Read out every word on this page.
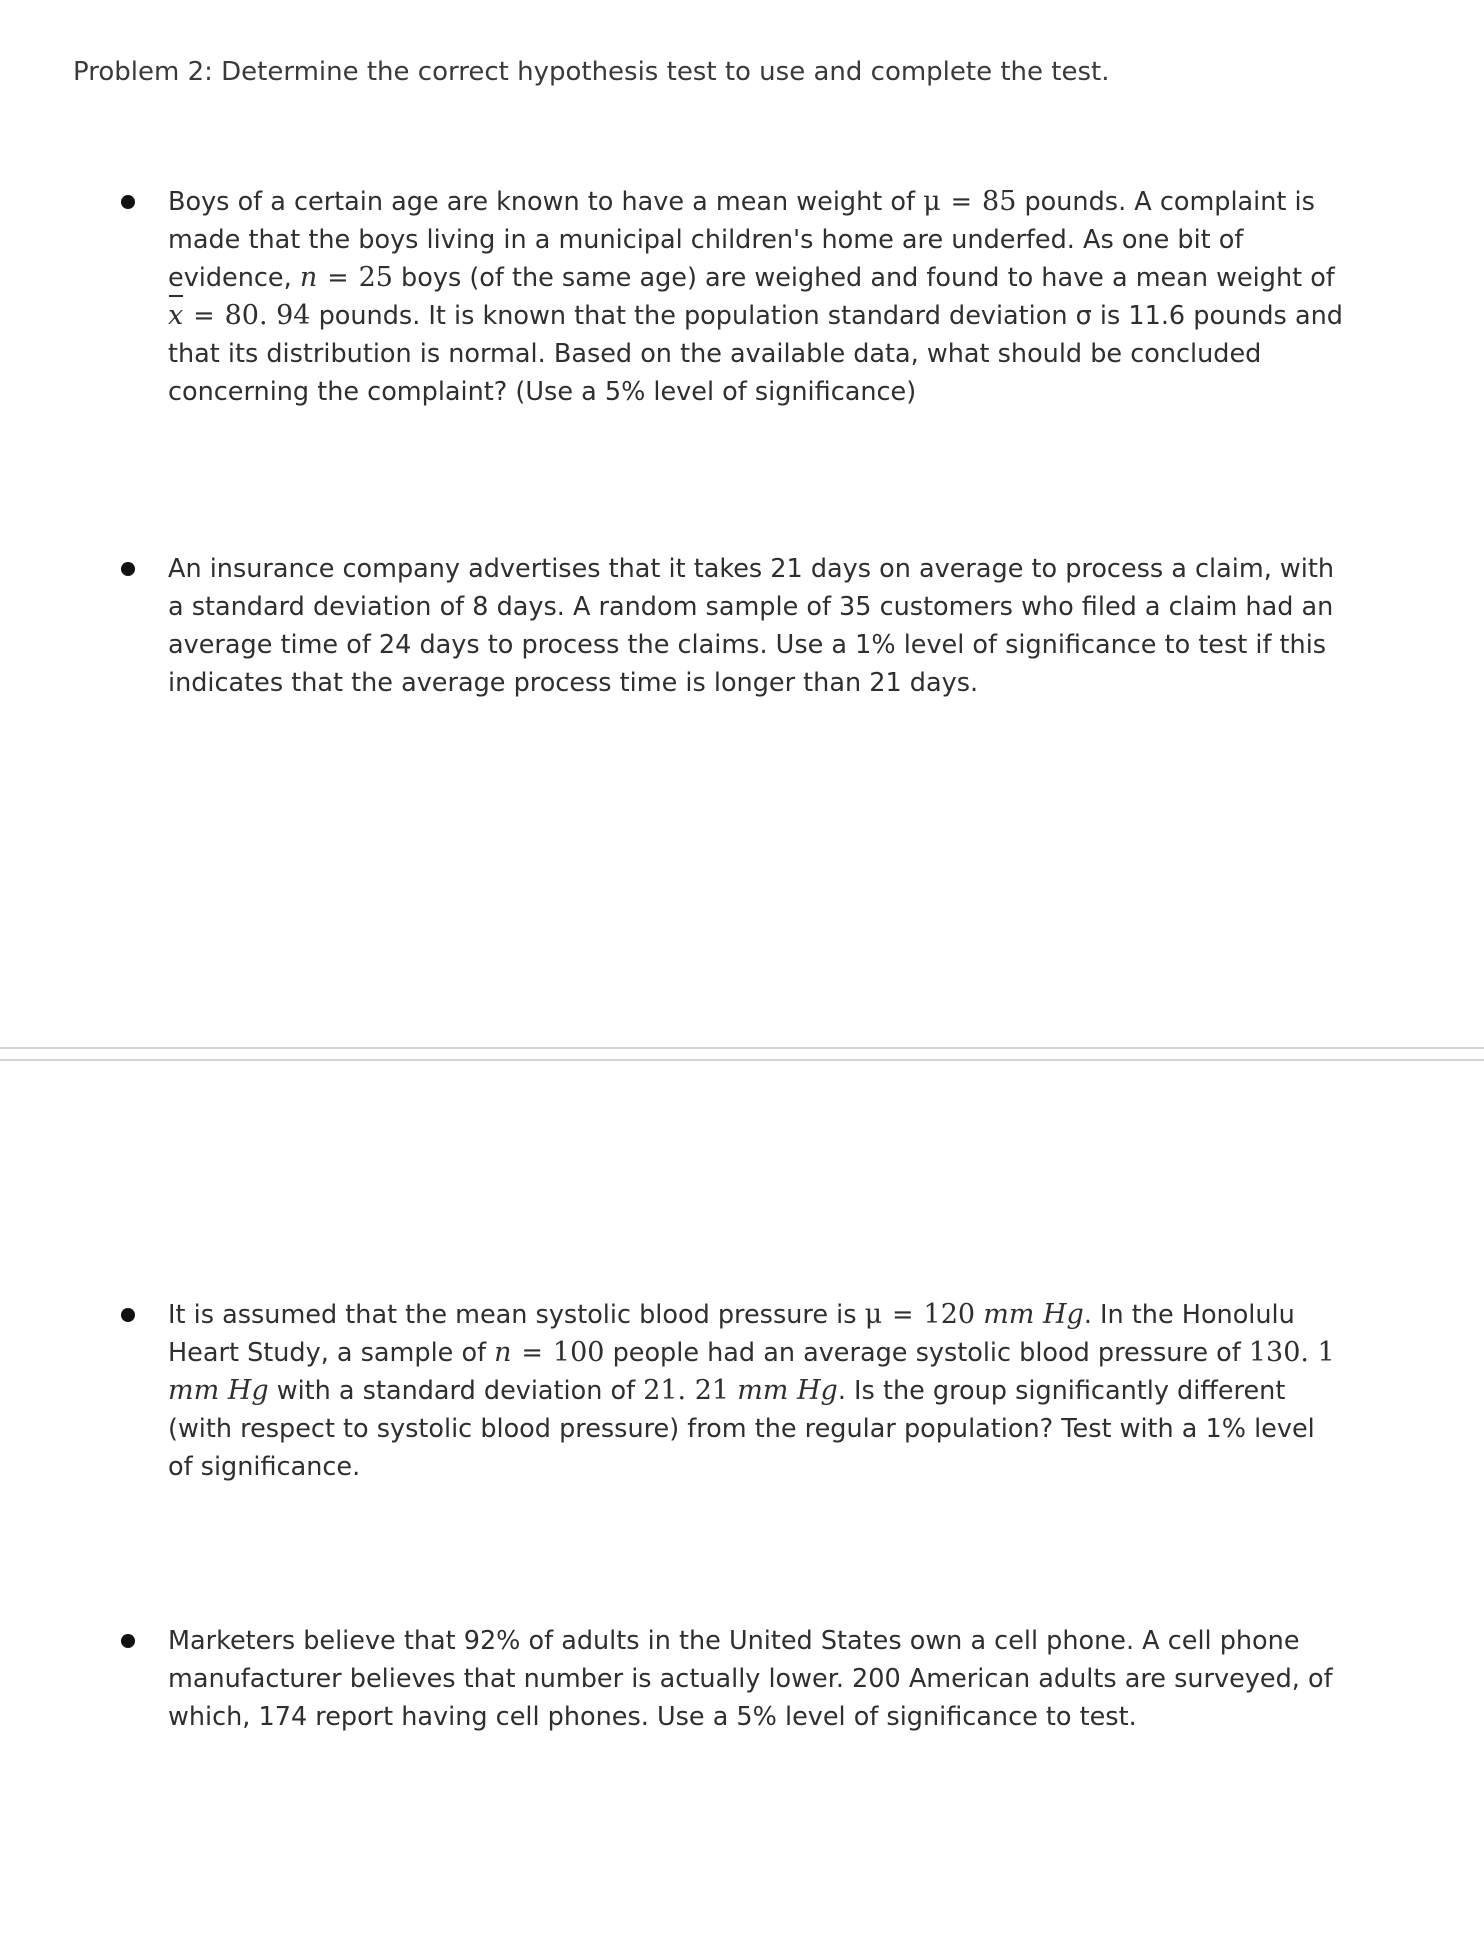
Problem 2: Determine the correct hypothesis test to use and complete the test.
Boys of a certain age are known to have a mean weight of μ = 85 pounds. A complaint is made that the boys living in a municipal children's home are underfed. As one bit of evidence, n = 25 boys (of the same age) are weighed and found to have a mean weight of x = 80. 94 pounds. It is known that the population standard deviation σ is 11.6 pounds and that its distribution is normal. Based on the available data, what should be concluded concerning the complaint? (Use a 5% level of significance)
An insurance company advertises that it takes 21 days on average to process a claim, with a standard deviation of 8 days. A random sample of 35 customers who filed a claim had an average time of 24 days to process the claims. Use a 1% level of significance to test if this indicates that the average process time is longer than 21 days.
It is assumed that the mean systolic blood pressure is μ = 120 mm Hg. In the Honolulu Heart Study, a sample of n = 100 people had an average systolic blood pressure of 130. 1 mm Hg with a standard deviation of 21. 21 mm Hg. Is the group significantly different (with respect to systolic blood pressure) from the regular population? Test with a 1% level of significance.
Marketers believe that 92% of adults in the United States own a cell phone. A cell phone manufacturer believes that number is actually lower. 200 American adults are surveyed, of which, 174 report having cell phones. Use a 5% level of significance to test.
